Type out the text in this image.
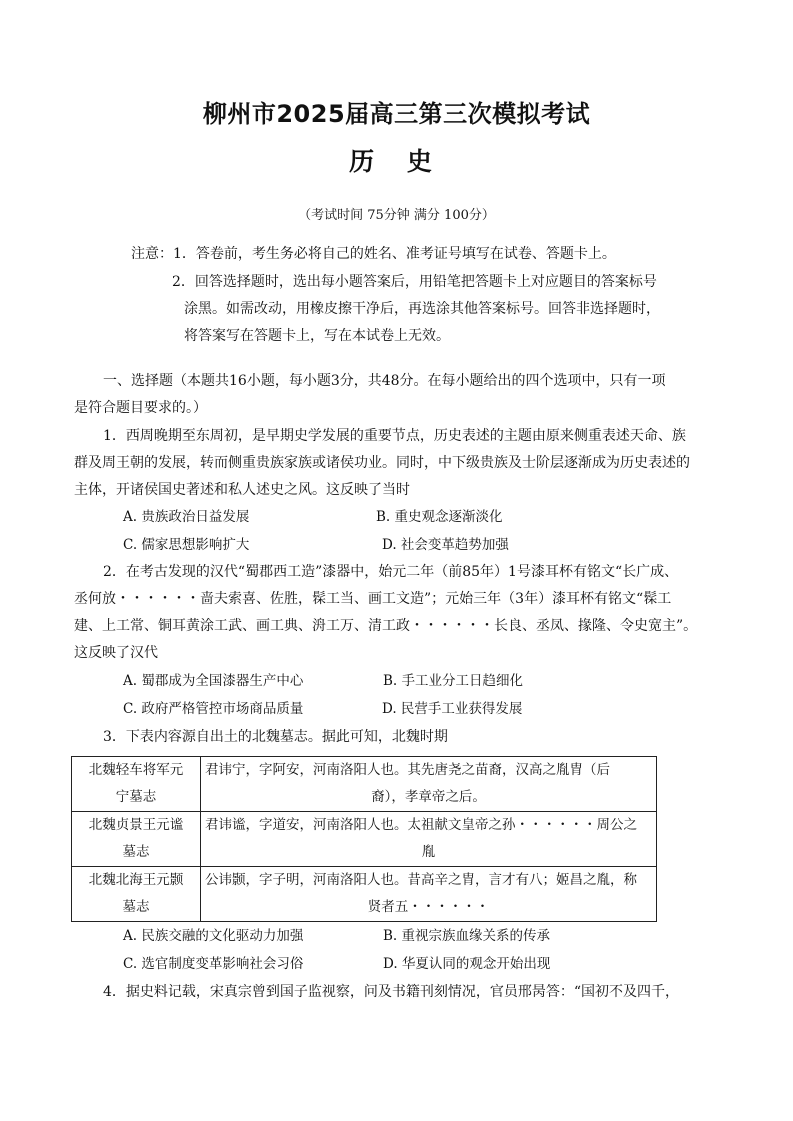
柳州市2025届高三第三次模拟考试
历 史
（考试时间 75分钟 满分 100分）
注意：1．答卷前，考生务必将自己的姓名、准考证号填写在试卷、答题卡上。
2．回答选择题时，选出每小题答案后，用铅笔把答题卡上对应题目的答案标号
涂黑。如需改动，用橡皮擦干净后，再选涂其他答案标号。回答非选择题时，
将答案写在答题卡上，写在本试卷上无效。
一、选择题（本题共16小题，每小题3分，共48分。在每小题给出的四个选项中，只有一项
是符合题目要求的。）
1．西周晚期至东周初，是早期史学发展的重要节点，历史表述的主题由原来侧重表述天命、族
群及周王朝的发展，转而侧重贵族家族或诸侯功业。同时，中下级贵族及士阶层逐渐成为历史表述的
主体，开诸侯国史著述和私人述史之风。这反映了当时
A. 贵族政治日益发展	B. 重史观念逐渐淡化
C. 儒家思想影响扩大	D. 社会变革趋势加强
2．在考古发现的汉代“蜀郡西工造”漆器中，始元二年（前85年）1号漆耳杯有铭文“长广成、
丞何放・・・・・・啬夫索喜、佐胜，髹工当、画工文造”；元始三年（3年）漆耳杯有铭文“髹工
建、上工常、铜耳黄涂工武、画工典、洀工万、清工政・・・・・・长良、丞凤、掾隆、令史宽主”。
这反映了汉代
A. 蜀郡成为全国漆器生产中心	B. 手工业分工日趋细化
C. 政府严格管控市场商品质量	D. 民营手工业获得发展
3．下表内容源自出土的北魏墓志。据此可知，北魏时期
北魏轻车将军元
宁墓志	君讳宁，字阿安，河南洛阳人也。其先唐尧之苗裔，汉高之胤胄（后
裔），孝章帝之后。

北魏贞景王元谧
墓志	君讳谧，字道安，河南洛阳人也。太祖献文皇帝之孙・・・・・・周公之
胤

北魏北海王元颢
墓志	公讳颢，字子明，河南洛阳人也。昔高辛之胄，言才有八；姬昌之胤，称
贤者五・・・・・・
A. 民族交融的文化驱动力加强	B. 重视宗族血缘关系的传承
C. 选官制度变革影响社会习俗	D. 华夏认同的观念开始出现
4．据史料记载，宋真宗曾到国子监视察，问及书籍刊刻情况，官员邢昺答：“国初不及四千，
